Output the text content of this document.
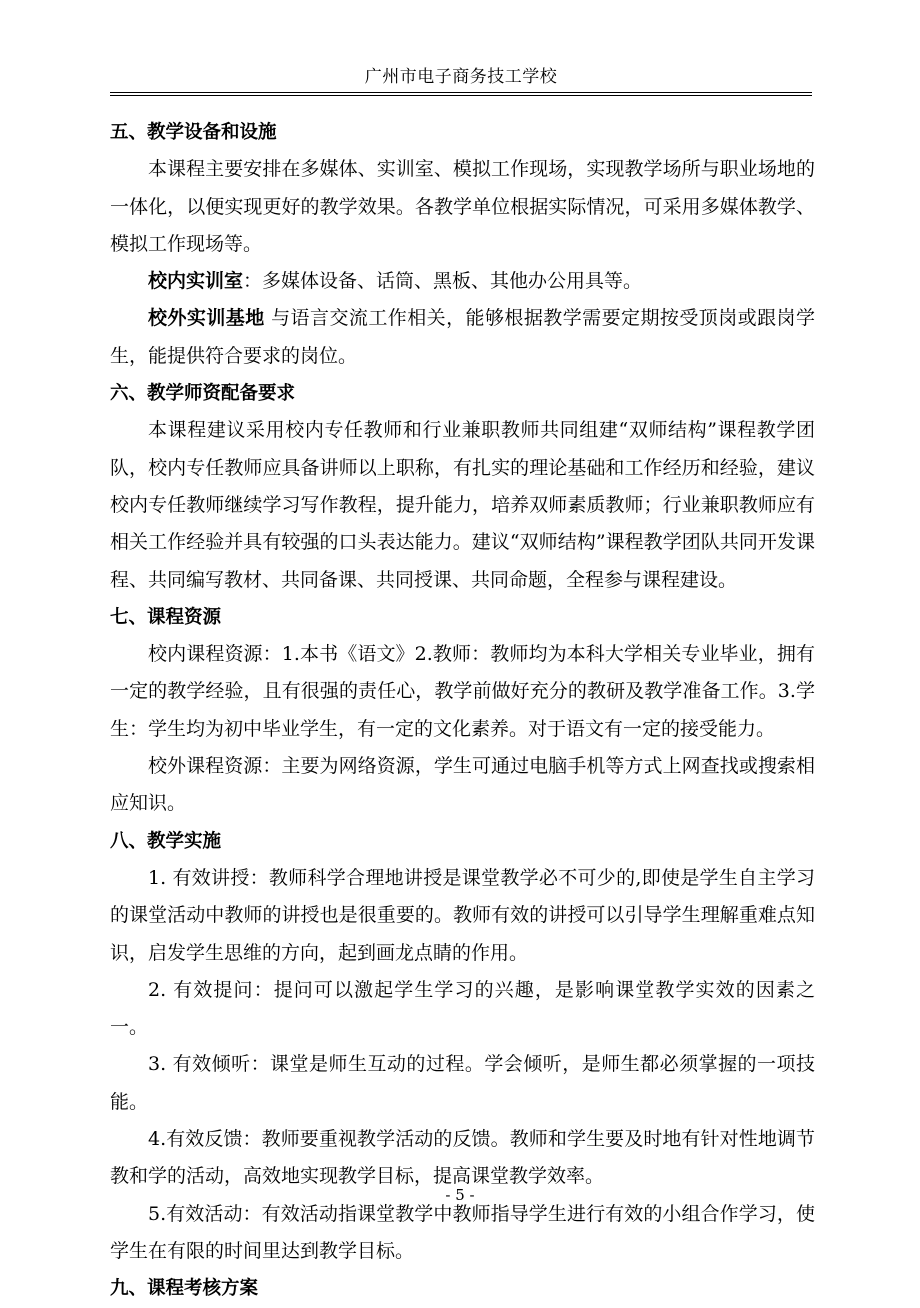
广州市电子商务技工学校

五、教学设备和设施

本课程主要安排在多媒体、实训室、模拟工作现场，实现教学场所与职业场地的一体化，以便实现更好的教学效果。各教学单位根据实际情况，可采用多媒体教学、模拟工作现场等。

校内实训室：多媒体设备、话筒、黑板、其他办公用具等。

校外实训基地 与语言交流工作相关，能够根据教学需要定期按受顶岗或跟岗学生，能提供符合要求的岗位。

六、教学师资配备要求

本课程建议采用校内专任教师和行业兼职教师共同组建“双师结构”课程教学团队，校内专任教师应具备讲师以上职称，有扎实的理论基础和工作经历和经验，建议校内专任教师继续学习写作教程，提升能力，培养双师素质教师；行业兼职教师应有相关工作经验并具有较强的口头表达能力。建议“双师结构”课程教学团队共同开发课程、共同编写教材、共同备课、共同授课、共同命题，全程参与课程建设。

七、课程资源

校内课程资源：1.本书《语文》2.教师：教师均为本科大学相关专业毕业，拥有一定的教学经验，且有很强的责任心，教学前做好充分的教研及教学准备工作。3.学生：学生均为初中毕业学生，有一定的文化素养。对于语文有一定的接受能力。

校外课程资源：主要为网络资源，学生可通过电脑手机等方式上网查找或搜索相应知识。

八、教学实施

1. 有效讲授：教师科学合理地讲授是课堂教学必不可少的,即使是学生自主学习的课堂活动中教师的讲授也是很重要的。教师有效的讲授可以引导学生理解重难点知识，启发学生思维的方向，起到画龙点睛的作用。

2. 有效提问：提问可以激起学生学习的兴趣，是影响课堂教学实效的因素之一。

3. 有效倾听：课堂是师生互动的过程。学会倾听，是师生都必须掌握的一项技能。

4.有效反馈：教师要重视教学活动的反馈。教师和学生要及时地有针对性地调节教和学的活动，高效地实现教学目标，提高课堂教学效率。

5.有效活动：有效活动指课堂教学中教师指导学生进行有效的小组合作学习，使学生在有限的时间里达到教学目标。

九、课程考核方案

- 5 -
